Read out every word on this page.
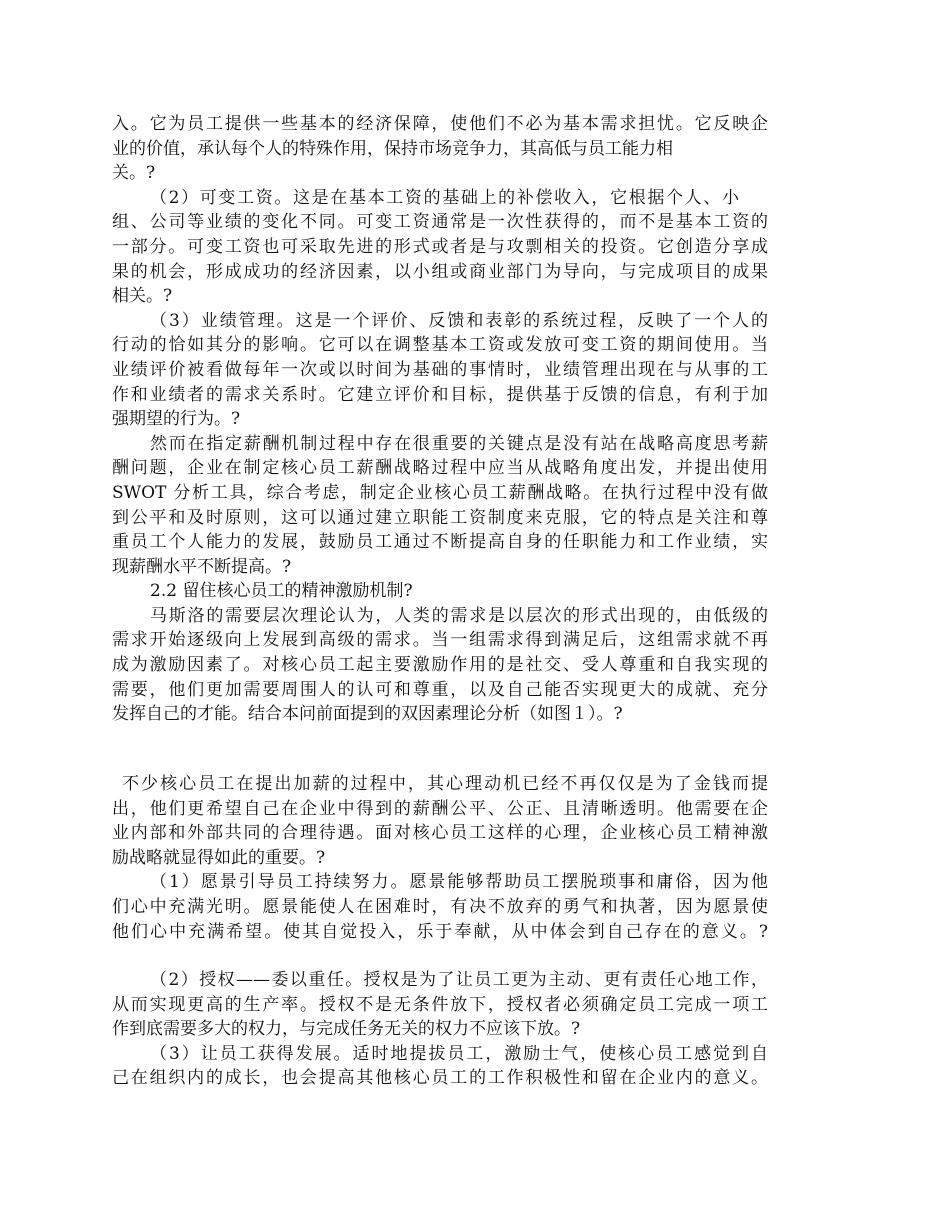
入。它为员工提供一些基本的经济保障，使他们不必为基本需求担忧。它反映企
业的价值，承认每个人的特殊作用，保持市场竞争力，其高低与员工能力相
关。?
（2）可变工资。这是在基本工资的基础上的补偿收入，它根据个人、小
组、公司等业绩的变化不同。可变工资通常是一次性获得的，而不是基本工资的
一部分。可变工资也可采取先进的形式或者是与攻剽相关的投资。它创造分享成
果的机会，形成成功的经济因素，以小组或商业部门为导向，与完成项目的成果
相关。?
（3）业绩管理。这是一个评价、反馈和表彰的系统过程，反映了一个人的
行动的恰如其分的影响。它可以在调整基本工资或发放可变工资的期间使用。当
业绩评价被看做每年一次或以时间为基础的事情时，业绩管理出现在与从事的工
作和业绩者的需求关系时。它建立评价和目标，提供基于反馈的信息，有利于加
强期望的行为。?
然而在指定薪酬机制过程中存在很重要的关键点是没有站在战略高度思考薪
酬问题，企业在制定核心员工薪酬战略过程中应当从战略角度出发，并提出使用
SWOT 分析工具，综合考虑，制定企业核心员工薪酬战略。在执行过程中没有做
到公平和及时原则，这可以通过建立职能工资制度来克服，它的特点是关注和尊
重员工个人能力的发展，鼓励员工通过不断提高自身的任职能力和工作业绩，实
现薪酬水平不断提高。?
2.2 留住核心员工的精神激励机制?
马斯洛的需要层次理论认为，人类的需求是以层次的形式出现的，由低级的
需求开始逐级向上发展到高级的需求。当一组需求得到满足后，这组需求就不再
成为激励因素了。对核心员工起主要激励作用的是社交、受人尊重和自我实现的
需要，他们更加需要周围人的认可和尊重，以及自己能否实现更大的成就、充分
发挥自己的才能。结合本问前面提到的双因素理论分析（如图１）。?
不少核心员工在提出加薪的过程中，其心理动机已经不再仅仅是为了金钱而提
出，他们更希望自己在企业中得到的薪酬公平、公正、且清晰透明。他需要在企
业内部和外部共同的合理待遇。面对核心员工这样的心理，企业核心员工精神激
励战略就显得如此的重要。?
（1）愿景引导员工持续努力。愿景能够帮助员工摆脱琐事和庸俗，因为他
们心中充满光明。愿景能使人在困难时，有决不放弃的勇气和执著，因为愿景使
他们心中充满希望。使其自觉投入，乐于奉献，从中体会到自己存在的意义。?
（2）授权——委以重任。授权是为了让员工更为主动、更有责任心地工作，
从而实现更高的生产率。授权不是无条件放下，授权者必须确定员工完成一项工
作到底需要多大的权力，与完成任务无关的权力不应该下放。?
（3）让员工获得发展。适时地提拔员工，激励士气，使核心员工感觉到自
己在组织内的成长，也会提高其他核心员工的工作积极性和留在企业内的意义。
